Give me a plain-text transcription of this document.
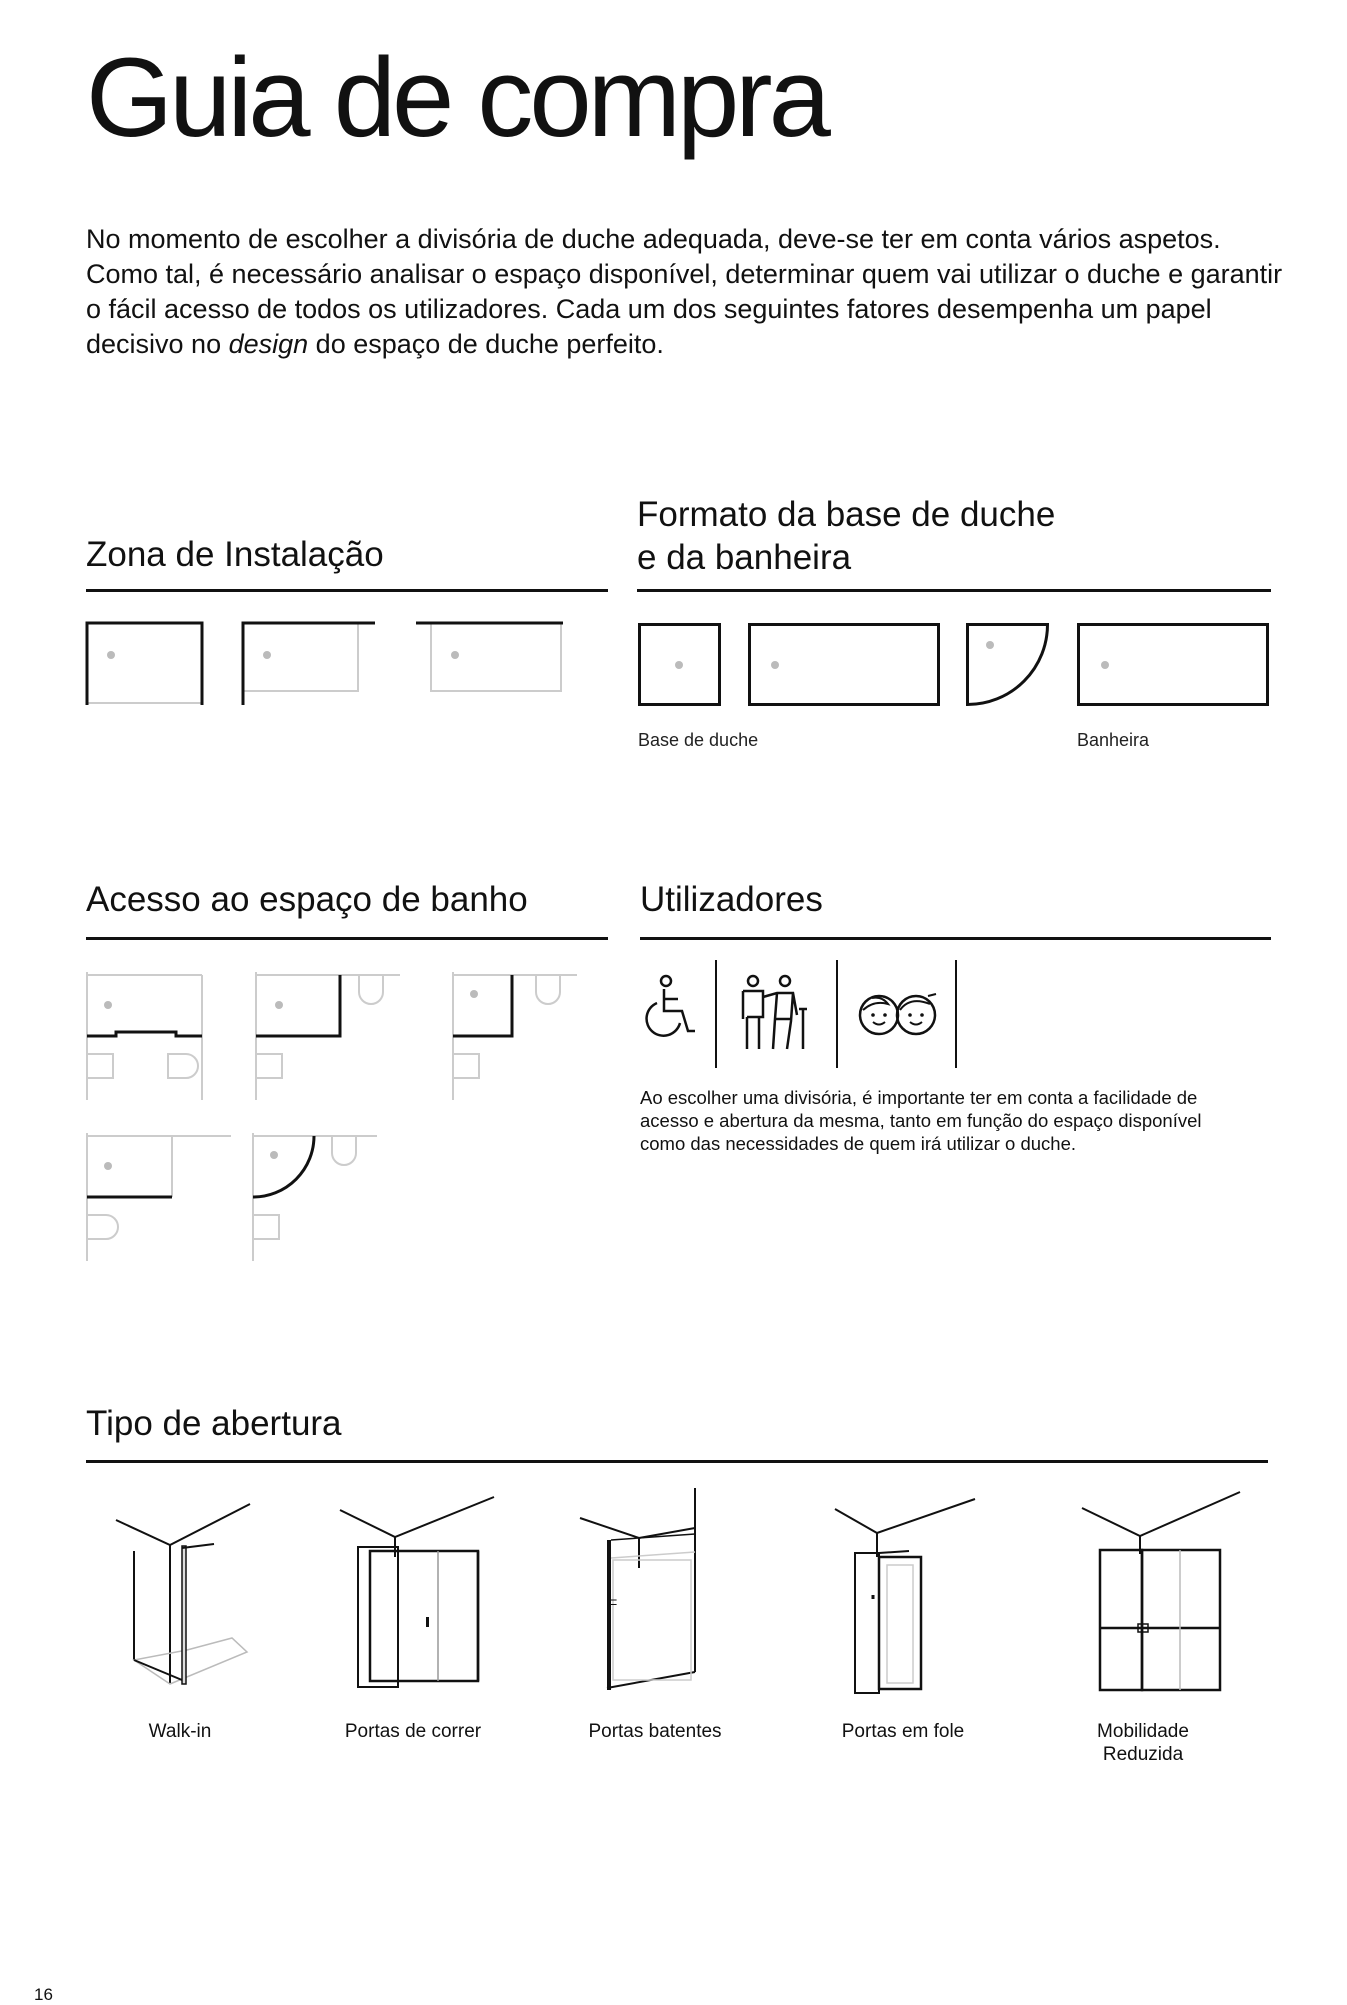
Guia de compra

No momento de escolher a divisória de duche adequada, deve-se ter em conta vários aspetos. Como tal, é necessário analisar o espaço disponível, determinar quem vai utilizar o duche e garantir o fácil acesso de todos os utilizadores. Cada um dos seguintes fatores desempenha um papel decisivo no design do espaço de duche perfeito.

Zona de Instalação
Formato da base de duche
e da banheira
Base de duche	Banheira
Acesso ao espaço de banho	Utilizadores

Ao escolher uma divisória, é importante ter em conta a facilidade de acesso e abertura da mesma, tanto em função do espaço disponível como das necessidades de quem irá utilizar o duche.

Tipo de abertura
ᖴ
Walk-in	Portas de correr	Portas batentes	Portas em fole	Mobilidade
Reduzida
16
